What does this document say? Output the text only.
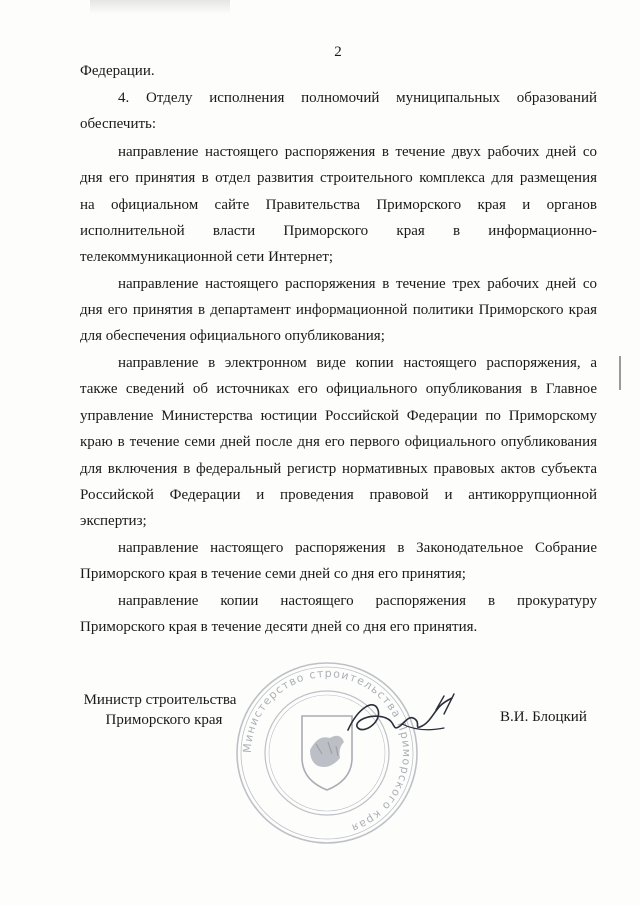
2
Федерации.
4. Отделу исполнения полномочий муниципальных образований
обеспечить:
направление настоящего распоряжения в течение двух рабочих дней со
дня его принятия в отдел развития строительного комплекса для размещения
на официальном сайте Правительства Приморского края и органов
исполнительной власти Приморского края в информационно-
телекоммуникационной сети Интернет;
направление настоящего распоряжения в течение трех рабочих дней со
дня его принятия в департамент информационной политики Приморского края
для обеспечения официального опубликования;
направление в электронном виде копии настоящего распоряжения, а
также сведений об источниках его официального опубликования в Главное
управление Министерства юстиции Российской Федерации по Приморскому
краю в течение семи дней после дня его первого официального опубликования
для включения в федеральный регистр нормативных правовых актов субъекта
Российской Федерации и проведения правовой и антикоррупционной
экспертиз;
направление настоящего распоряжения в Законодательное Собрание
Приморского края в течение семи дней со дня его принятия;
направление копии настоящего распоряжения в прокуратуру
Приморского края в течение десяти дней со дня его принятия.
Министр строительства
Приморского края
Министерство строительства Приморского края
В.И. Блоцкий
